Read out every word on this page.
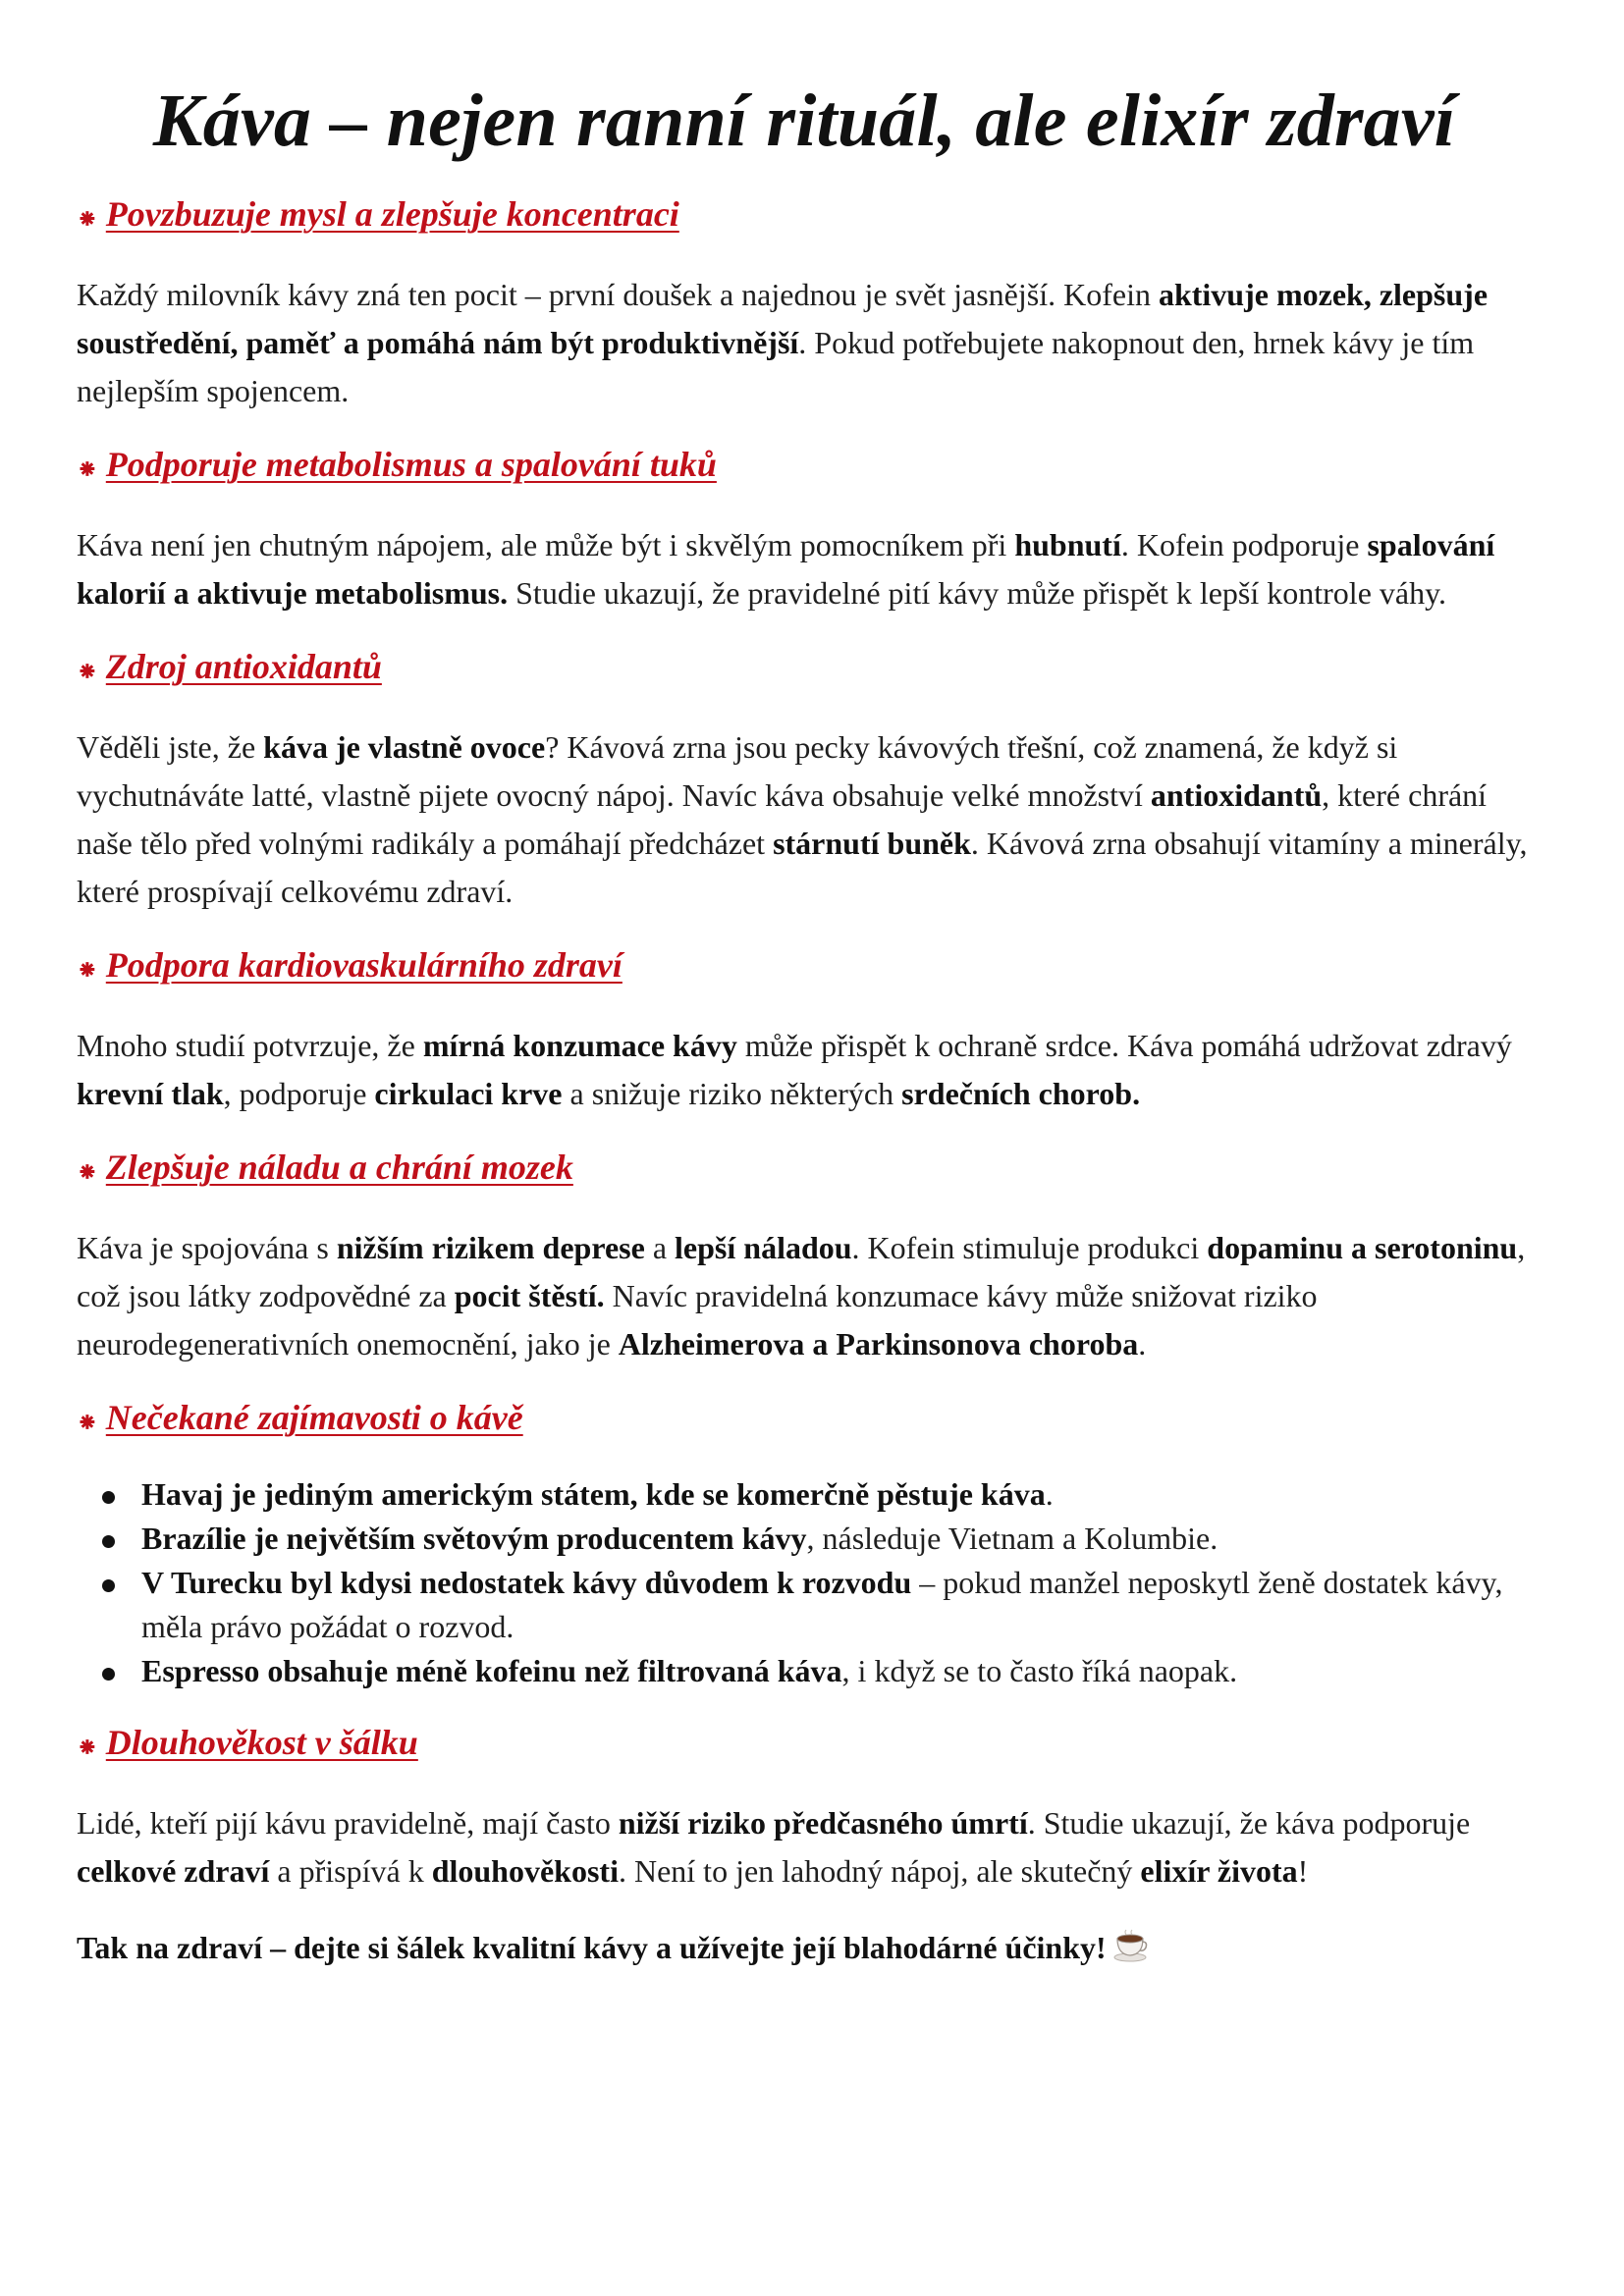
Káva – nejen ranní rituál, ale elixír zdraví
⁕ Povzbuzuje mysl a zlepšuje koncentraci

Každý milovník kávy zná ten pocit – první doušek a najednou je svět jasnější. Kofein aktivuje mozek, zlepšuje soustředění, paměť a pomáhá nám být produktivnější. Pokud potřebujete nakopnout den, hrnek kávy je tím nejlepším spojencem.

⁕ Podporuje metabolismus a spalování tuků

Káva není jen chutným nápojem, ale může být i skvělým pomocníkem při hubnutí. Kofein podporuje spalování kalorií a aktivuje metabolismus. Studie ukazují, že pravidelné pití kávy může přispět k lepší kontrole váhy.

⁕ Zdroj antioxidantů

Věděli jste, že káva je vlastně ovoce? Kávová zrna jsou pecky kávových třešní, což znamená, že když si vychutnáváte latté, vlastně pijete ovocný nápoj. Navíc káva obsahuje velké množství antioxidantů, které chrání naše tělo před volnými radikály a pomáhají předcházet stárnutí buněk. Kávová zrna obsahují vitamíny a minerály, které prospívají celkovému zdraví.

⁕ Podpora kardiovaskulárního zdraví

Mnoho studií potvrzuje, že mírná konzumace kávy může přispět k ochraně srdce. Káva pomáhá udržovat zdravý krevní tlak, podporuje cirkulaci krve a snižuje riziko některých srdečních chorob.

⁕ Zlepšuje náladu a chrání mozek

Káva je spojována s nižším rizikem deprese a lepší náladou. Kofein stimuluje produkci dopaminu a serotoninu, což jsou látky zodpovědné za pocit štěstí. Navíc pravidelná konzumace kávy může snižovat riziko neurodegenerativních onemocnění, jako je Alzheimerova a Parkinsonova choroba.

⁕ Nečekané zajímavosti o kávě
Havaj je jediným americkým státem, kde se komerčně pěstuje káva.
Brazílie je největším světovým producentem kávy, následuje Vietnam a Kolumbie.
V Turecku byl kdysi nedostatek kávy důvodem k rozvodu – pokud manžel neposkytl ženě dostatek kávy, měla právo požádat o rozvod.
Espresso obsahuje méně kofeinu než filtrovaná káva, i když se to často říká naopak.
⁕ Dlouhověkost v šálku

Lidé, kteří pijí kávu pravidelně, mají často nižší riziko předčasného úmrtí. Studie ukazují, že káva podporuje celkové zdraví a přispívá k dlouhověkosti. Není to jen lahodný nápoj, ale skutečný elixír života!

Tak na zdraví – dejte si šálek kvalitní kávy a užívejte její blahodárné účinky!
